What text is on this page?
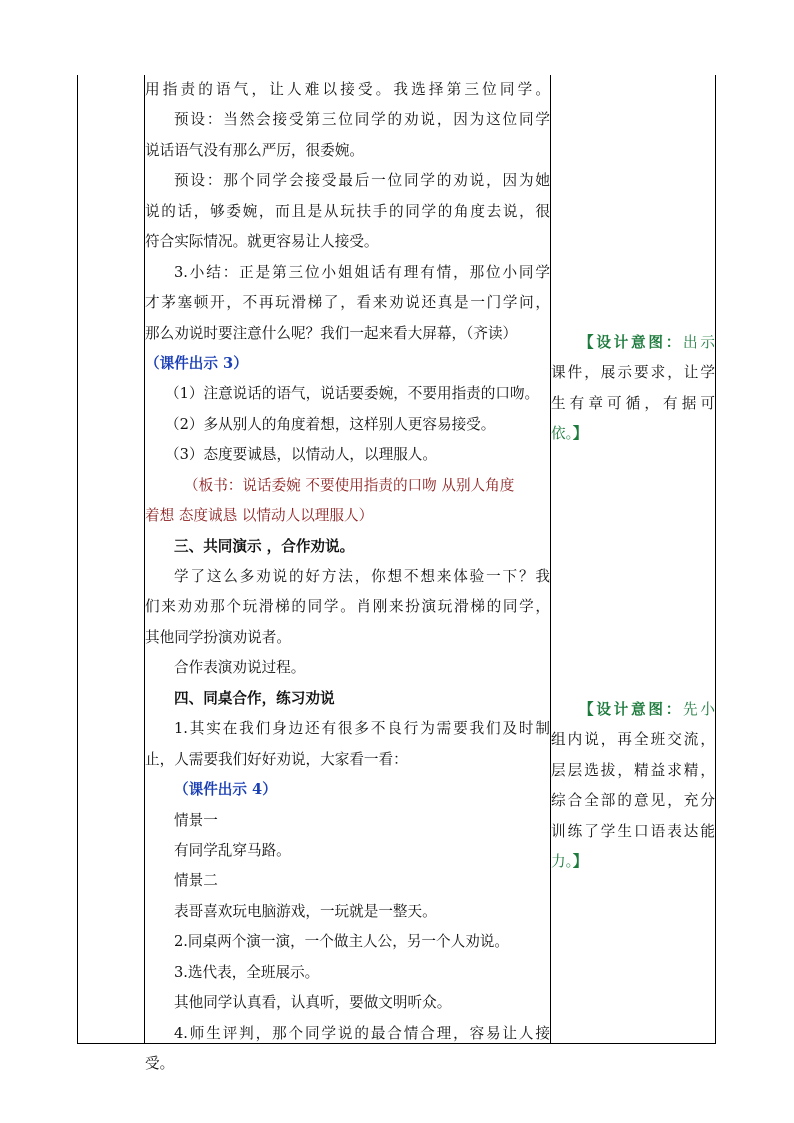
用指责的语气，让人难以接受。我选择第三位同学。
预设：当然会接受第三位同学的劝说，因为这位同学
说话语气没有那么严厉，很委婉。
预设：那个同学会接受最后一位同学的劝说，因为她
说的话，够委婉，而且是从玩扶手的同学的角度去说，很
符合实际情况。就更容易让人接受。
3.小结：正是第三位小姐姐话有理有情，那位小同学
才茅塞顿开，不再玩滑梯了，看来劝说还真是一门学问，
那么劝说时要注意什么呢？我们一起来看大屏幕，（齐读）
（课件出示 3）
（1）注意说话的语气，说话要委婉，不要用指责的口吻。
（2）多从别人的角度着想，这样别人更容易接受。
（3）态度要诚恳，以情动人，以理服人。
（板书：说话委婉 不要使用指责的口吻 从别人角度
着想 态度诚恳 以情动人以理服人）
三、共同演示 ，合作劝说。
学了这么多劝说的好方法，你想不想来体验一下？我
们来劝劝那个玩滑梯的同学。肖刚来扮演玩滑梯的同学，
其他同学扮演劝说者。
合作表演劝说过程。
四、同桌合作，练习劝说
1.其实在我们身边还有很多不良行为需要我们及时制
止，人需要我们好好劝说，大家看一看：
（课件出示 4）
情景一
有同学乱穿马路。
情景二
表哥喜欢玩电脑游戏，一玩就是一整天。
2.同桌两个演一演，一个做主人公，另一个人劝说。
3.选代表，全班展示。
其他同学认真看，认真听，要做文明听众。
4.师生评判，那个同学说的最合情合理，容易让人接
受。
【设计意图：出示
课件，展示要求，让学
生有章可循，有据可
依。】
【设计意图：先小
组内说，再全班交流，
层层选拔，精益求精，
综合全部的意见，充分
训练了学生口语表达能
力。】
